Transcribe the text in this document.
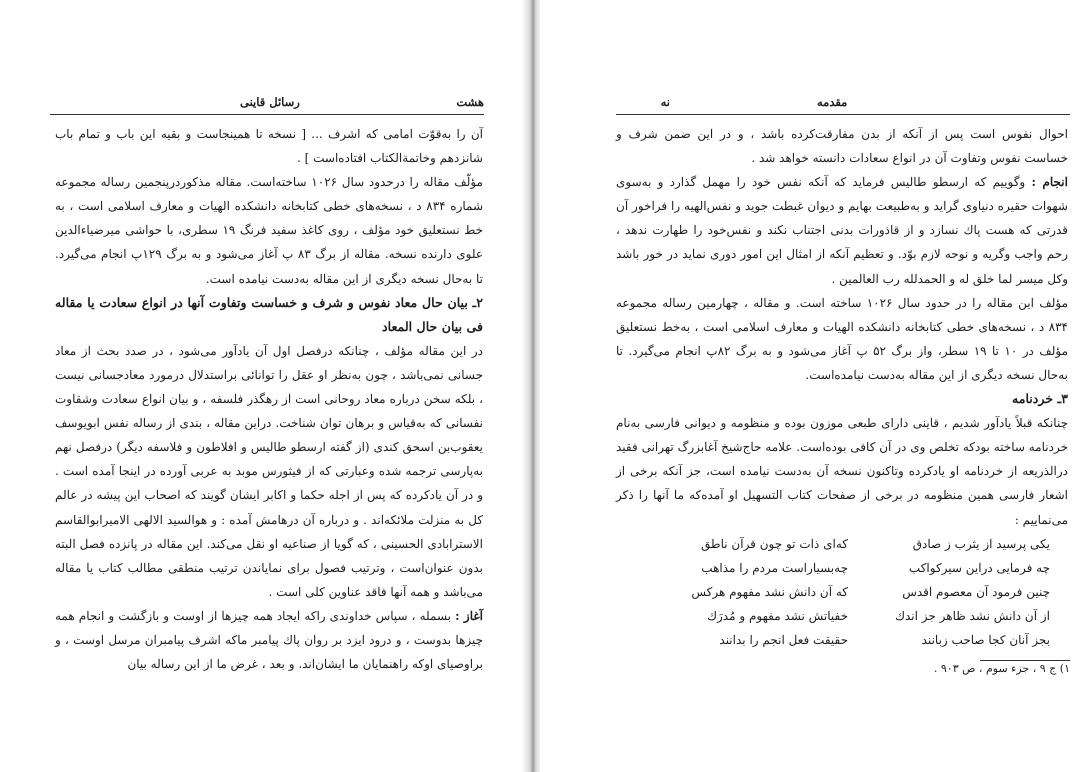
هشت
رسائل قاینی

آن را به‌قوّت امامی که اشرف ... [ نسخه‌ تا همینجاست و بقیه‌ این باب و تمام باب شانزدهم وخاتمةالکتاب افتاده‌است ] .

مؤلّف مقاله را درحدود سال ۱۰۲۶ ساخته‌است. مقاله‌ مذکوردرپنجمین رساله‌ مجموعه‌ شماره‌ ۸۳۴ د ، نسخه‌های خطی کتابخانه‌ دانشکده‌ الهیات و معارف اسلامی است ، به خط نستعلیق خود مؤلف ، روی کاغذ سفید فرنگ ۱۹ سطری، با حواشی میرضیاءالدین علوی دارنده‌ نسخه. مقاله از برگ ۸۳ پ آغاز می‌شود و به برگ ۱۲۹پ انجام می‌گیرد. تا به‌حال نسخه‌ دیگری از این مقاله به‌دست نیامده است.

۲ـ بیان حال معاد نفوس و شرف و خساست وتفاوت آنها در انواع سعادت یا مقاله فی بیان حال المعاد

در این مقاله مؤلف ، چنانکه درفصل اول آن یادآور می‌شود ، در صدد بحث از معاد جسانی نمی‌باشد ، چون به‌نظر او عقل را توانائی براستدلال درمورد معادجسانی نیست ، بلکه سخن درباره‌ معاد روحانی است از رهگذر فلسفه ، و بیان انواع سعادت وشقاوت نفسانی که به‌قیاس و برهان توان شناخت. دراین مقاله ، بندی از رساله‌ نفس ابویوسف یعقوب‌بن اسحق کندی (از گفته‌ ارسطو طالیس و افلاطون و فلاسفه‌ دیگر) درفصل نهم به‌پارسی ترجمه شده وعبارتی که از فیثورس موبد به عربی آورده در اینجا آمده است . و در آن یادکرده که پس از اجله‌ حکما و اکابر ایشان گویند که اصحاب این پیشه در عالم کل به منزلت ملائکه‌اند . و درباره‌ آن درهامش آمده : و هوالسید الالهی الامیرابوالقاسم الاسترابادی الحسینی ، که گویا از صناعیه‌ او نقل می‌کند. این مقاله در پانزده فصل البته بدون عنوان‌است ، وترتیب فصول برای نمایاندن ترتیب منطقی مطالب کتاب یا مقاله می‌باشد و همه‌ آنها فاقد عناوین کلی است .

آغاز : بسمله ، سپاس خداوندی راکه ایجاد همه‌ چیزها از اوست و بازگشت و انجام همه‌ چیزها بدوست ، و درود ایزد بر روان پاك پیامبر ماکه اشرف پیامبران مرسل‌ اوست ، و براوصیای اوکه راهنمایان ما ایشان‌اند. و بعد ، غرض ما از این رساله بیان

نه	مقدمه

احوال نفوس است پس از آنکه از بدن مفارقت‌کرده باشد ، و در این ضمن شرف و خساست نفوس وتفاوت آن در انواع سعادات دانسته خواهد شد .

انجام : وگوییم که ارسطو طالیس فرماید که آنکه نفس خود را مهمل گذارد و به‌سوی شهوات حقیره‌ دنیاوی گراید و به‌طبیعت بهایم و دیوان غبطت جوید و نفس‌الهیه را فراخور آن قدرتی که هست پاك نسازد و از قاذورات بدنی اجتناب نکند و نفس‌خود را طهارت ندهد ، رحم واجب وگریه و نوحه لازم بوّد. و تعظیم آنکه از امثال این امور دوری نماید در خور باشد وکل میسر لما خلق له و الحمدلله رب العالمین .

مؤلف این مقاله را در حدود سال ۱۰۲۶ ساخته است. و مقاله ، چهارمین رساله‌ مجموعه‌ ۸۳۴ د ، نسخه‌های خطی کتابخانه‌ دانشکده‌ الهیات و معارف اسلامی است ، به‌خط نستعلیق مؤلف در ۱۰ تا ۱۹ سطر، واز برگ ۵۲ پ آغاز می‌شود و به برگ ۸۲پ انجام می‌گیرد. تا به‌حال نسخه‌ دیگری از این مقاله به‌دست نیامده‌است.

۳ـ خردنامه

چنانکه قبلاً یادآور شدیم ، قاینی دارای طبعی موزون بوده و منظومه و دیوانی فارسی به‌نام خردنامه ساخته بودکه تخلص وی در آن کافی بوده‌است. علامه حاج‌شیخ آغابزرگ تهرانی فقید درالذریعه از خردنامه او یادکرده وتاکنون نسخه‌ آن به‌دست نیامده است، جز آنکه برخی از اشعار فارسی همین منظومه در برخی از صفحات کتاب التسهیل او آمده‌که ما آنها را ذکر می‌نماییم :

یکی پرسید از یثرب ز صادق
که‌ای ذات تو چون قرآن ناطق
چه فرمایی دراین سیرکواکب
چه‌بسیاراست مردم را مذاهب
چنین فرمود آن معصوم اقدس
که آن دانش نشد مفهوم هرکس
از آن دانش نشد ظاهر جز اندك
خفیاتش نشد مفهوم و مُدرَك
بجز آنان کجا صاحب زبانند
حقیقت فعل انجم را بدانند
۱) ج ۹ ، جزء سوم ، ص ۹۰۳ .
